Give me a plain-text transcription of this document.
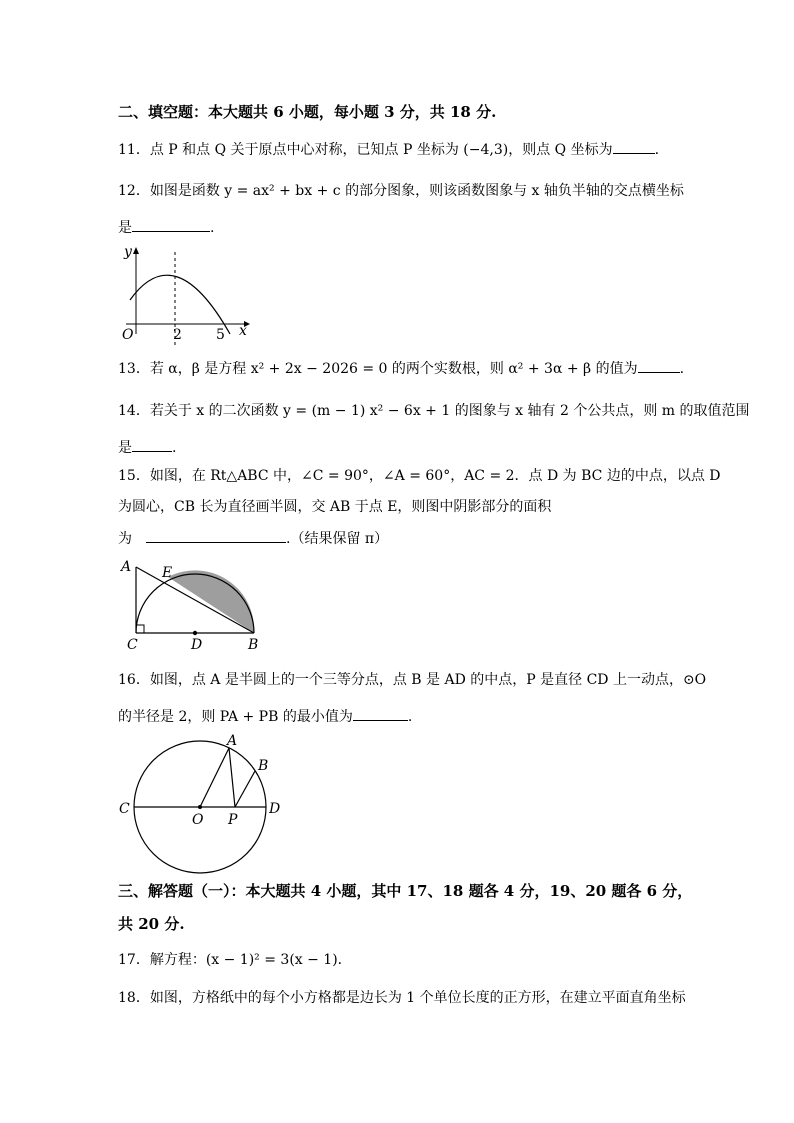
二、填空题：本大题共 6 小题，每小题 3 分，共 18 分.
11．点 P 和点 Q 关于原点中心对称，已知点 P 坐标为 (−4,3)，则点 Q 坐标为	.
12．如图是函数 y = ax² + bx + c 的部分图象，则该函数图象与 x 轴负半轴的交点横坐标
是	.
y
x
O	2 5
13．若 α，β 是方程 x² + 2x − 2026 = 0 的两个实数根，则 α² + 3α + β 的值为	.
14．若关于 x 的二次函数 y = (m − 1) x² − 6x + 1 的图象与 x 轴有 2 个公共点，则 m 的取值范围
是	.
15．如图，在 Rt△ABC 中，∠C = 90°，∠A = 60°，AC = 2．点 D 为 BC 边的中点，以点 D
为圆心，CB 长为直径画半圆，交 AB 于点 E，则图中阴影部分的面积
为	.（结果保留 π）
A E
C	D	B
16．如图，点 A 是半圆上的一个三等分点，点 B 是 AD 的中点，P 是直径 CD 上一动点，⊙O
的半径是 2，则 PA + PB 的最小值为	.
A
B
C
O P
D
三、解答题（一）：本大题共 4 小题，其中 17、18 题各 4 分，19、20 题各 6 分，
共 20 分.
17．解方程：(x − 1)² = 3(x − 1)．
18．如图，方格纸中的每个小方格都是边长为 1 个单位长度的正方形，在建立平面直角坐标
